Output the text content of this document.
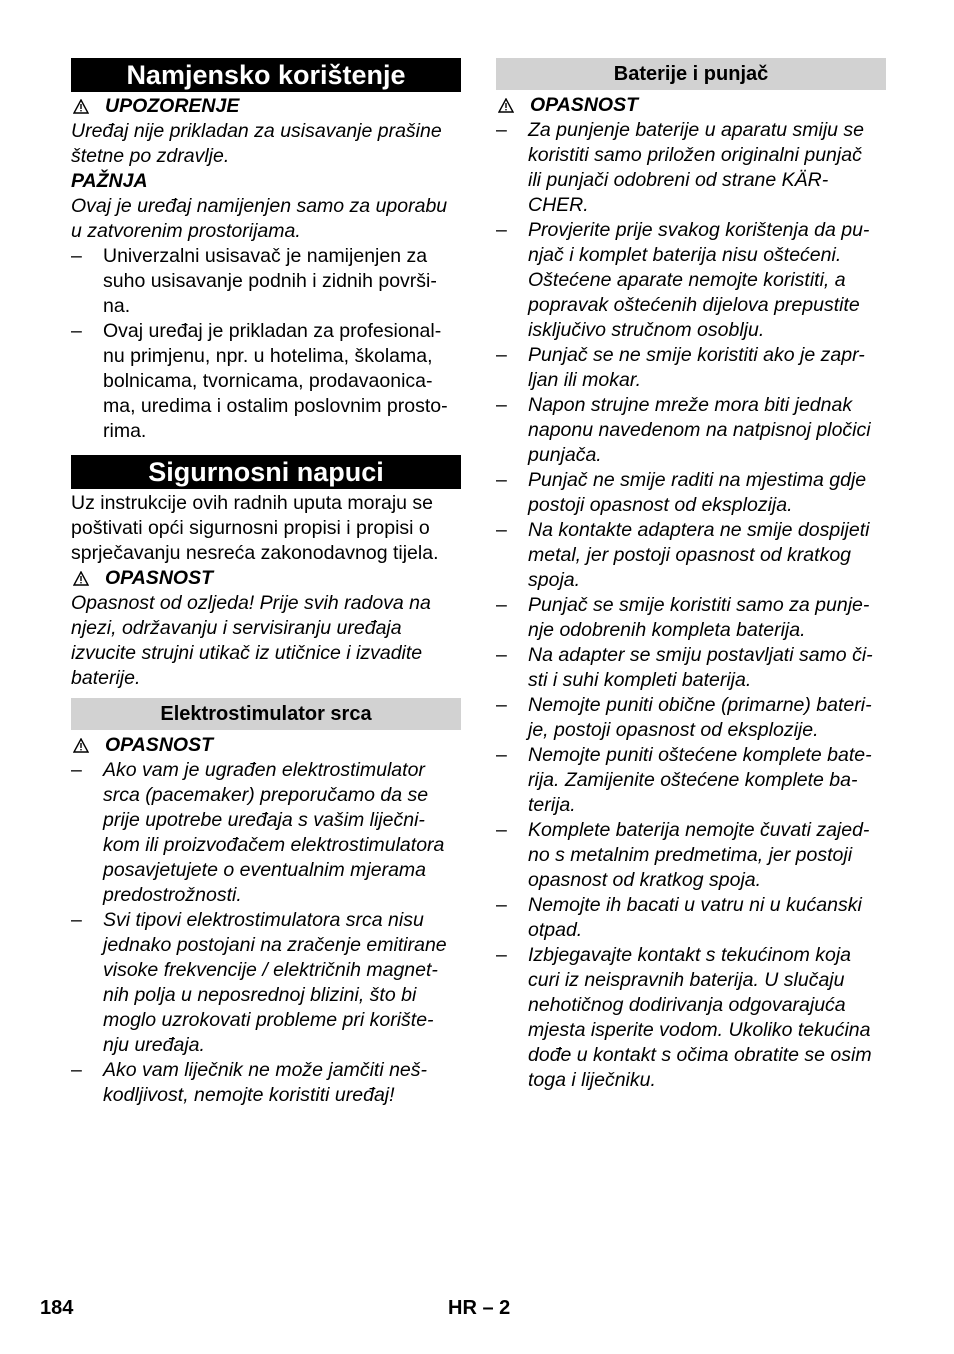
Namjensko korištenje
UPOZORENJE

Uređaj nije prikladan za usisavanje prašine
štetne po zdravlje.

PAŽNJA

Ovaj je uređaj namijenjen samo za uporabu
u zatvorenim prostorijama.

– Univerzalni usisavač je namijenjen za
suho usisavanje podnih i zidnih površi-
na.
– Ovaj uređaj je prikladan za profesional-
nu primjenu, npr. u hotelima, školama,
bolnicama, tvornicama, prodavaonica-
ma, uredima i ostalim poslovnim prosto-
rima.
Sigurnosni napuci

Uz instrukcije ovih radnih uputa moraju se
poštivati opći sigurnosni propisi i propisi o
sprječavanju nesreća zakonodavnog tijela.

OPASNOST

Opasnost od ozljeda! Prije svih radova na
njezi, održavanju i servisiranju uređaja
izvucite strujni utikač iz utičnice i izvadite
baterije.

Elektrostimulator srca
OPASNOST
– Ako vam je ugrađen elektrostimulator
srca (pacemaker) preporučamo da se
prije upotrebe uređaja s vašim liječni-
kom ili proizvođačem elektrostimulatora
posavjetujete o eventualnim mjerama
predostrožnosti.
– Svi tipovi elektrostimulatora srca nisu
jednako postojani na zračenje emitirane
visoke frekvencije / električnih magnet-
nih polja u neposrednoj blizini, što bi
moglo uzrokovati probleme pri korište-
nju uređaja.
– Ako vam liječnik ne može jamčiti neš-
kodljivost, nemojte koristiti uređaj!
Baterije i punjač
OPASNOST
– Za punjenje baterije u aparatu smiju se
koristiti samo priložen originalni punjač
ili punjači odobreni od strane KÄR-
CHER.
– Provjerite prije svakog korištenja da pu-
njač i komplet baterija nisu oštećeni.
Oštećene aparate nemojte koristiti, a
popravak oštećenih dijelova prepustite
isključivo stručnom osoblju.
– Punjač se ne smije koristiti ako je zapr-
ljan ili mokar.
– Napon strujne mreže mora biti jednak
naponu navedenom na natpisnoj pločici
punjača.
– Punjač ne smije raditi na mjestima gdje
postoji opasnost od eksplozija.
– Na kontakte adaptera ne smije dospijeti
metal, jer postoji opasnost od kratkog
spoja.
– Punjač se smije koristiti samo za punje-
nje odobrenih kompleta baterija.
– Na adapter se smiju postavljati samo či-
sti i suhi kompleti baterija.
– Nemojte puniti obične (primarne) bateri-
je, postoji opasnost od eksplozije.
– Nemojte puniti oštećene komplete bate-
rija. Zamijenite oštećene komplete ba-
terija.
– Komplete baterija nemojte čuvati zajed-
no s metalnim predmetima, jer postoji
opasnost od kratkog spoja.
– Nemojte ih bacati u vatru ni u kućanski
otpad.
– Izbjegavajte kontakt s tekućinom koja
curi iz neispravnih baterija. U slučaju
nehotičnog dodirivanja odgovarajuća
mjesta isperite vodom. Ukoliko tekućina
dođe u kontakt s očima obratite se osim
toga i liječniku.
184	HR – 2
